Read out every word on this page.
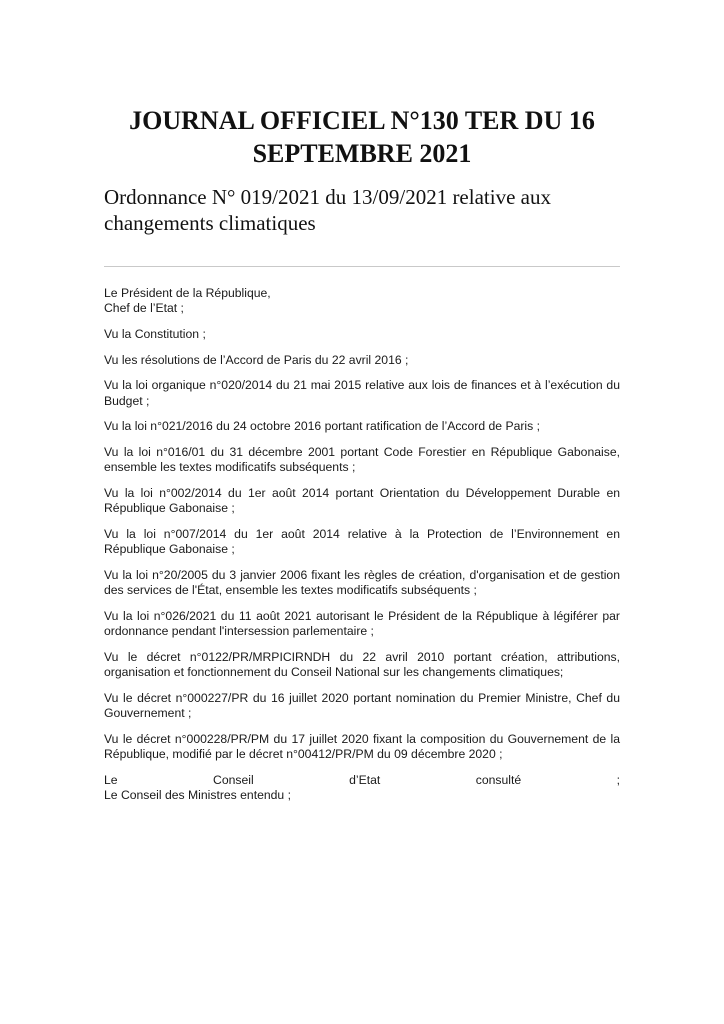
JOURNAL OFFICIEL N°130 TER DU 16
SEPTEMBRE 2021
Ordonnance N° 019/2021 du 13/09/2021 relative aux
changements climatiques

Le Président de la République,
Chef de l’Etat ;

Vu la Constitution ;

Vu les résolutions de l’Accord de Paris du 22 avril 2016 ;

Vu la loi organique n°020/2014 du 21 mai 2015 relative aux lois de finances et à l’exécution du Budget ;

Vu la loi n°021/2016 du 24 octobre 2016 portant ratification de l’Accord de Paris ;

Vu la loi n°016/01 du 31 décembre 2001 portant Code Forestier en République Gabonaise, ensemble les textes modificatifs subséquents ;

Vu la loi n°002/2014 du 1er août 2014 portant Orientation du Développement Durable en République Gabonaise ;

Vu la loi n°007/2014 du 1er août 2014 relative à la Protection de l’Environnement en République Gabonaise ;

Vu la loi n°20/2005 du 3 janvier 2006 fixant les règles de création, d'organisation et de gestion des services de l'État, ensemble les textes modificatifs subséquents ;

Vu la loi n°026/2021 du 11 août 2021 autorisant le Président de la République à légiférer par ordonnance pendant l'intersession parlementaire ;

Vu le décret n°0122/PR/MRPICIRNDH du 22 avril 2010 portant création, attributions, organisation et fonctionnement du Conseil National sur les changements climatiques;

Vu le décret n°000227/PR du 16 juillet 2020 portant nomination du Premier Ministre, Chef du Gouvernement ;

Vu le décret n°000228/PR/PM du 17 juillet 2020 fixant la composition du Gouvernement de la République, modifié par le décret n°00412/PR/PM du 09 décembre 2020 ;

Le	Conseil	d’Etat	consulté	;
Le Conseil des Ministres entendu ;
